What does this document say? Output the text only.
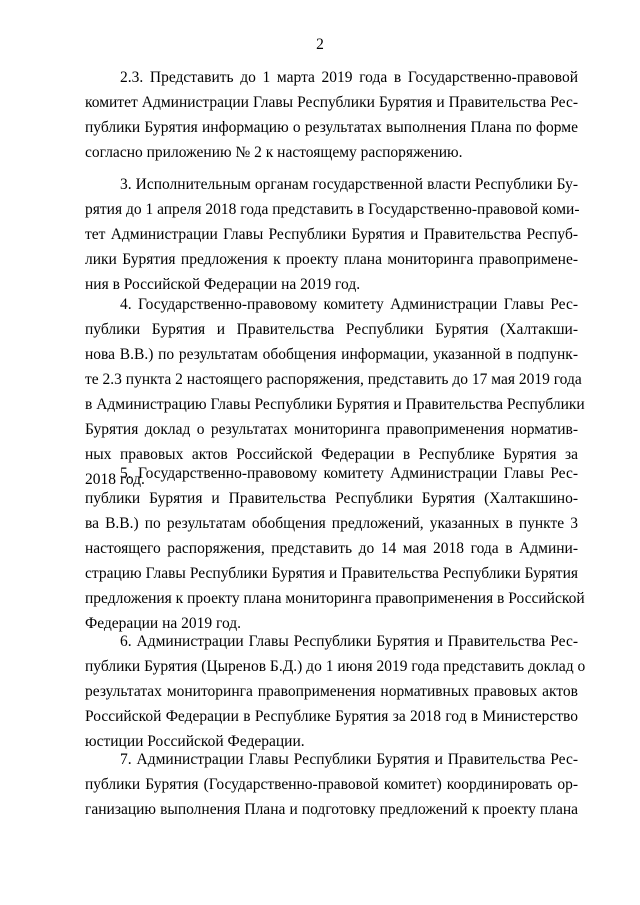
2

2.3. Представить до 1 марта 2019 года в Государственно-правовой
комитет Администрации Главы Республики Бурятия и Правительства Рес-
публики Бурятия информацию о результатах выполнения Плана по форме
согласно приложению № 2 к настоящему распоряжению.

3. Исполнительным органам государственной власти Республики Бу-
рятия до 1 апреля 2018 года представить в Государственно-правовой коми-
тет Администрации Главы Республики Бурятия и Правительства Респуб-
лики Бурятия предложения к проекту плана мониторинга правопримене-
ния в Российской Федерации на 2019 год.

4. Государственно-правовому комитету Администрации Главы Рес-
публики Бурятия и Правительства Республики Бурятия (Халтакши-
нова В.В.) по результатам обобщения информации, указанной в подпунк-
те 2.3 пункта 2 настоящего распоряжения, представить до 17 мая 2019 года
в Администрацию Главы Республики Бурятия и Правительства Республики
Бурятия доклад о результатах мониторинга правоприменения норматив-
ных правовых актов Российской Федерации в Республике Бурятия за
2018 год.

5. Государственно-правовому комитету Администрации Главы Рес-
публики Бурятия и Правительства Республики Бурятия (Халтакшино-
ва В.В.) по результатам обобщения предложений, указанных в пункте 3
настоящего распоряжения, представить до 14 мая 2018 года в Админи-
страцию Главы Республики Бурятия и Правительства Республики Бурятия
предложения к проекту плана мониторинга правоприменения в Российской
Федерации на 2019 год.

6. Администрации Главы Республики Бурятия и Правительства Рес-
публики Бурятия (Цыренов Б.Д.) до 1 июня 2019 года представить доклад о
результатах мониторинга правоприменения нормативных правовых актов
Российской Федерации в Республике Бурятия за 2018 год в Министерство
юстиции Российской Федерации.

7. Администрации Главы Республики Бурятия и Правительства Рес-
публики Бурятия (Государственно-правовой комитет) координировать ор-
ганизацию выполнения Плана и подготовку предложений к проекту плана
